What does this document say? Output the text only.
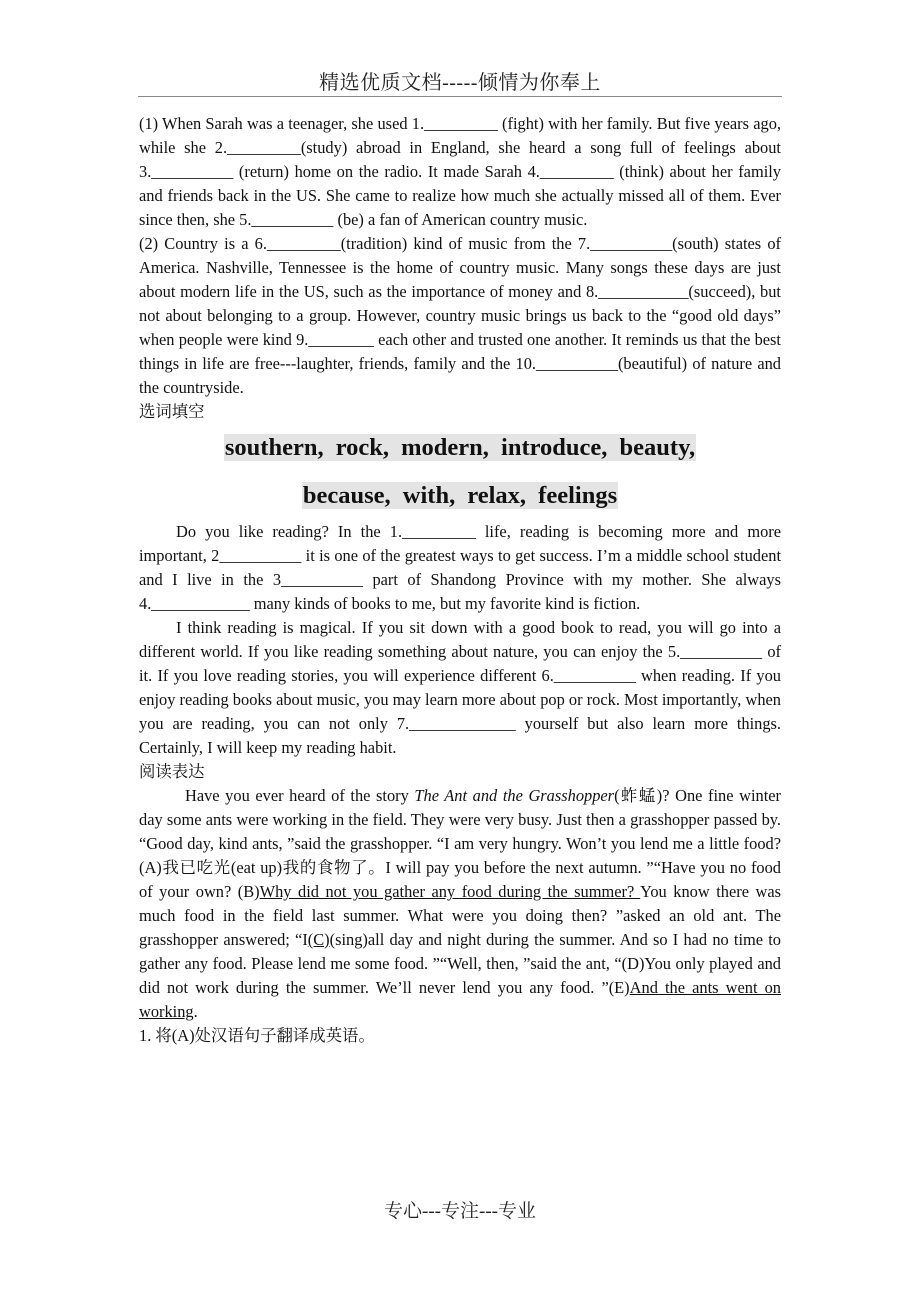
精选优质文档-----倾情为你奉上

(1) When Sarah was a teenager, she used 1._________ (fight) with her family. But five years ago, while she 2._________(study) abroad in England, she heard a song full of feelings about 3.__________ (return) home on the radio. It made Sarah 4._________ (think) about her family and friends back in the US. She came to realize how much she actually missed all of them. Ever since then, she 5.__________ (be) a fan of American country music.

(2) Country is a 6._________(tradition) kind of music from the 7.__________(south) states of America. Nashville, Tennessee is the home of country music. Many songs these days are just about modern life in the US, such as the importance of money and 8.___________(succeed), but not about belonging to a group. However, country music brings us back to the “good old days” when people were kind 9.________ each other and trusted one another. It reminds us that the best things in life are free---laughter, friends, family and the 10.__________(beautiful) of nature and the countryside.

选词填空

southern, rock, modern, introduce, beauty,
because, with, relax, feelings

Do you like reading? In the 1._________ life, reading is becoming more and more important, 2__________ it is one of the greatest ways to get success. I’m a middle school student and I live in the 3__________ part of Shandong Province with my mother. She always 4.____________ many kinds of books to me, but my favorite kind is fiction.

I think reading is magical. If you sit down with a good book to read, you will go into a different world. If you like reading something about nature, you can enjoy the 5.__________ of it. If you love reading stories, you will experience different 6.__________ when reading. If you enjoy reading books about music, you may learn more about pop or rock. Most importantly, when you are reading, you can not only 7._____________ yourself but also learn more things. Certainly, I will keep my reading habit.

阅读表达

Have you ever heard of the story The Ant and the Grasshopper(蚱蜢)? One fine winter day some ants were working in the field. They were very busy. Just then a grasshopper passed by. “Good day, kind ants, ”said the grasshopper. “I am very hungry. Won’t you lend me a little food? (A)我已吃光(eat up)我的食物了。I will pay you before the next autumn. ”“Have you no food of your own? (B)Why did not you gather any food during the summer? You know there was much food in the field last summer. What were you doing then? ”asked an old ant. The grasshopper answered; “I(C)(sing)all day and night during the summer. And so I had no time to gather any food. Please lend me some food. ”“Well, then, ”said the ant, “(D)You only played and did not work during the summer. We’ll never lend you any food. ”(E)And the ants went on working.

1. 将(A)处汉语句子翻译成英语。

专心---专注---专业
